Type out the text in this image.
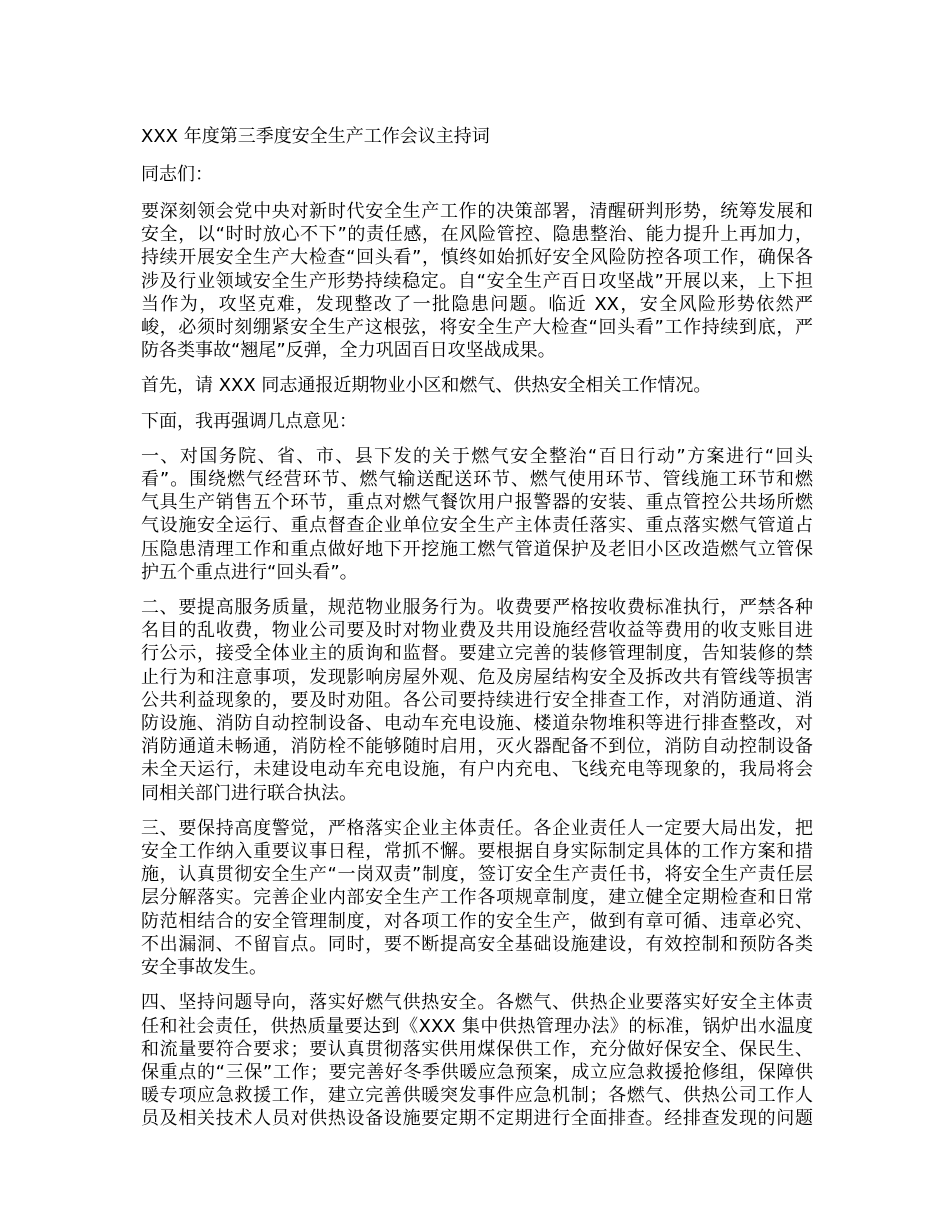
XXX 年度第三季度安全生产工作会议主持词
同志们：
要深刻领会党中央对新时代安全生产工作的决策部署，清醒研判形势，统筹发展和
安全，以“时时放心不下”的责任感，在风险管控、隐患整治、能力提升上再加力，
持续开展安全生产大检查“回头看”，慎终如始抓好安全风险防控各项工作，确保各
涉及行业领域安全生产形势持续稳定。自“安全生产百日攻坚战”开展以来，上下担
当作为，攻坚克难，发现整改了一批隐患问题。临近 XX，安全风险形势依然严
峻，必须时刻绷紧安全生产这根弦，将安全生产大检查“回头看”工作持续到底，严
防各类事故“翘尾”反弹，全力巩固百日攻坚战成果。
首先，请 XXX 同志通报近期物业小区和燃气、供热安全相关工作情况。
下面，我再强调几点意见：
一、对国务院、省、市、县下发的关于燃气安全整治“百日行动”方案进行“回头
看”。围绕燃气经营环节、燃气输送配送环节、燃气使用环节、管线施工环节和燃
气具生产销售五个环节，重点对燃气餐饮用户报警器的安装、重点管控公共场所燃
气设施安全运行、重点督查企业单位安全生产主体责任落实、重点落实燃气管道占
压隐患清理工作和重点做好地下开挖施工燃气管道保护及老旧小区改造燃气立管保
护五个重点进行“回头看”。
二、要提高服务质量，规范物业服务行为。收费要严格按收费标准执行，严禁各种
名目的乱收费，物业公司要及时对物业费及共用设施经营收益等费用的收支账目进
行公示，接受全体业主的质询和监督。要建立完善的装修管理制度，告知装修的禁
止行为和注意事项，发现影响房屋外观、危及房屋结构安全及拆改共有管线等损害
公共利益现象的，要及时劝阻。各公司要持续进行安全排查工作，对消防通道、消
防设施、消防自动控制设备、电动车充电设施、楼道杂物堆积等进行排查整改，对
消防通道未畅通，消防栓不能够随时启用，灭火器配备不到位，消防自动控制设备
未全天运行，未建设电动车充电设施，有户内充电、飞线充电等现象的，我局将会
同相关部门进行联合执法。
三、要保持高度警觉，严格落实企业主体责任。各企业责任人一定要大局出发，把
安全工作纳入重要议事日程，常抓不懈。要根据自身实际制定具体的工作方案和措
施，认真贯彻安全生产“一岗双责”制度，签订安全生产责任书，将安全生产责任层
层分解落实。完善企业内部安全生产工作各项规章制度，建立健全定期检查和日常
防范相结合的安全管理制度，对各项工作的安全生产，做到有章可循、违章必究、
不出漏洞、不留盲点。同时，要不断提高安全基础设施建设，有效控制和预防各类
安全事故发生。
四、坚持问题导向，落实好燃气供热安全。各燃气、供热企业要落实好安全主体责
任和社会责任，供热质量要达到《XXX 集中供热管理办法》的标准，锅炉出水温度
和流量要符合要求；要认真贯彻落实供用煤保供工作，充分做好保安全、保民生、
保重点的“三保”工作；要完善好冬季供暖应急预案，成立应急救援抢修组，保障供
暖专项应急救援工作，建立完善供暖突发事件应急机制；各燃气、供热公司工作人
员及相关技术人员对供热设备设施要定期不定期进行全面排查。经排查发现的问题
